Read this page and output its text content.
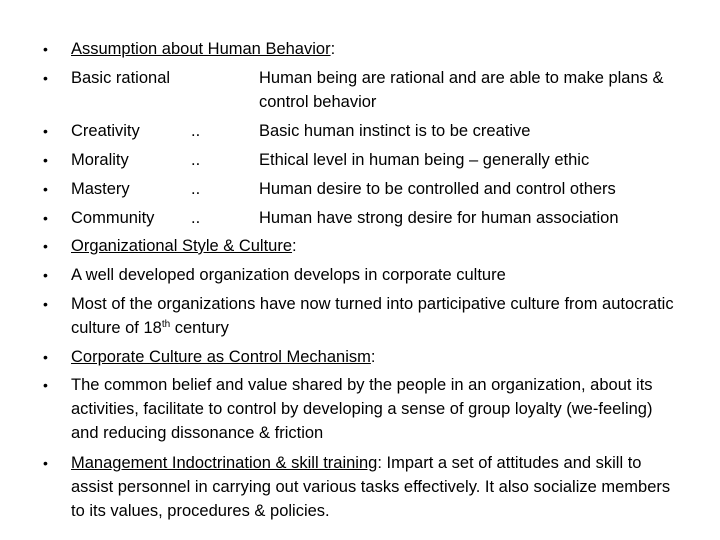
•	Assumption about Human Behavior:
•	Basic rational	Human being are rational and are able to make plans & control behavior
•	Creativity	..	Basic human instinct is to be creative
•	Morality	..	Ethical level in human being – generally ethic
•	Mastery	..	Human desire to be controlled and control others
•	Community ..	Human have strong desire for human association
•	Organizational Style & Culture:
•	A well developed organization develops in corporate culture
•	Most of the organizations have now turned into participative culture from autocratic culture of 18th century
•	Corporate Culture as Control Mechanism:
•	The common belief and value shared by the people in an organization, about its activities, facilitate to control by developing a sense of group loyalty (we-feeling) and reducing dissonance & friction
•	Management Indoctrination & skill training: Impart a set of attitudes and skill to assist personnel in carrying out various tasks effectively. It also socialize members to its values, procedures & policies.
